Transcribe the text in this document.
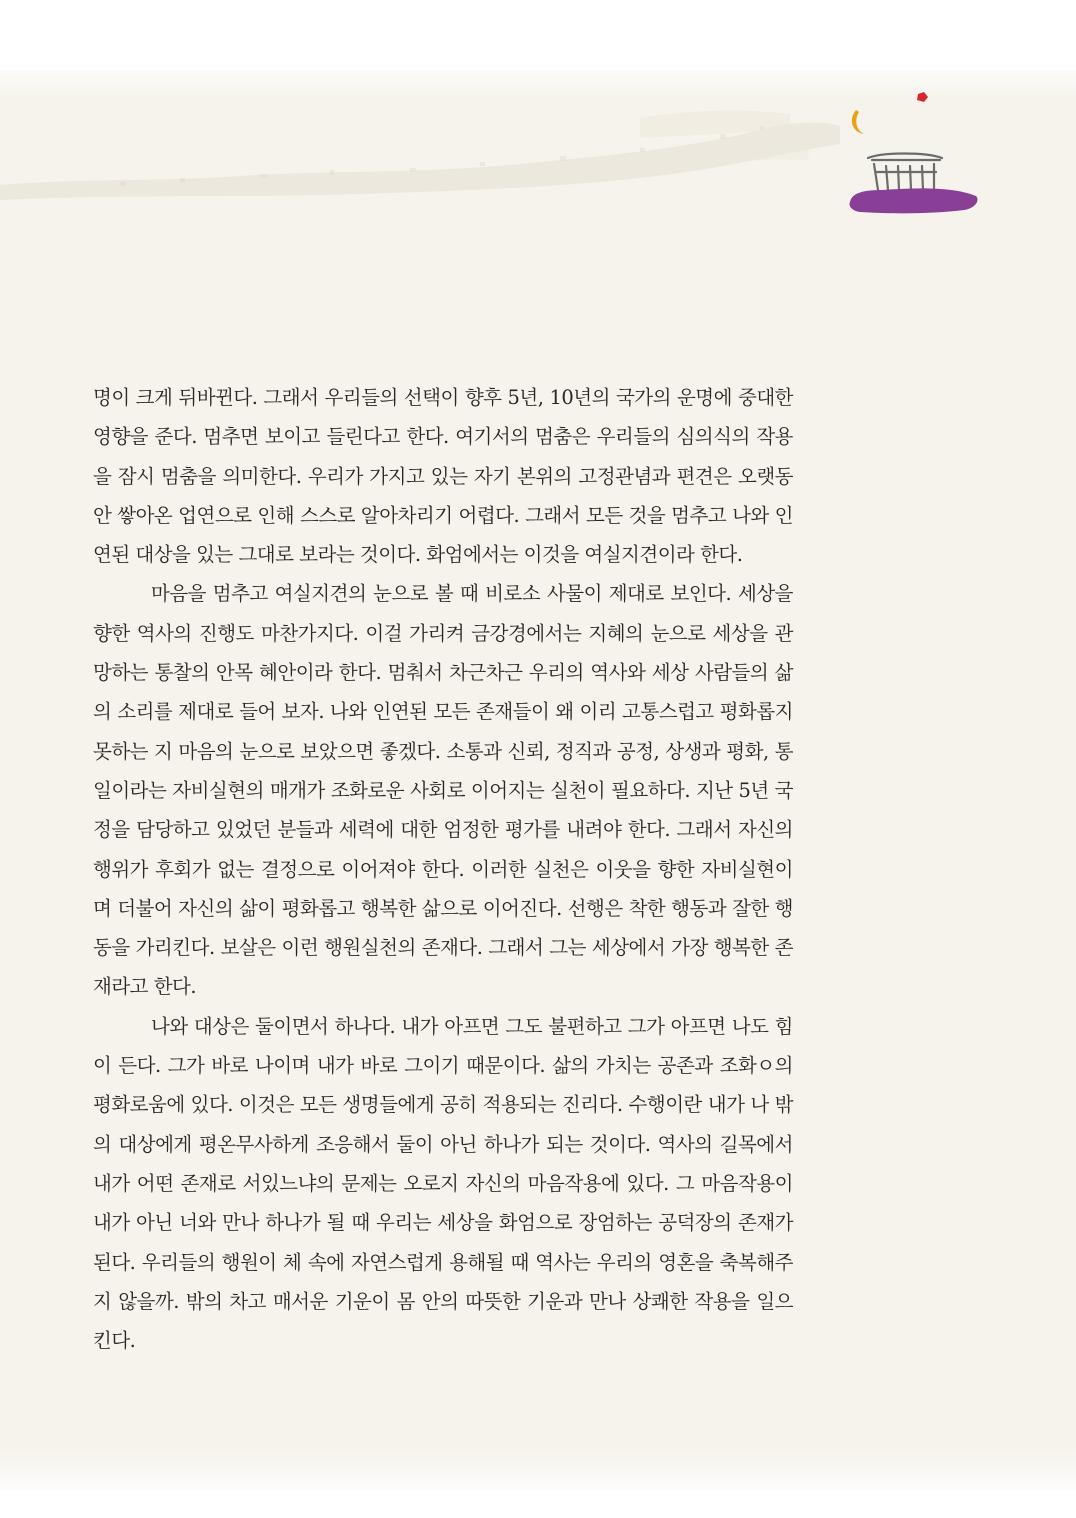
명이 크게 뒤바뀐다. 그래서 우리들의 선택이 향후 5년, 10년의 국가의 운명에 중대한 영향을 준다. 멈추면 보이고 들린다고 한다. 여기서의 멈춤은 우리들의 심의식의 작용을 잠시 멈춤을 의미한다. 우리가 가지고 있는 자기 본위의 고정관념과 편견은 오랫동안 쌓아온 업연으로 인해 스스로 알아차리기 어렵다. 그래서 모든 것을 멈추고 나와 인연된 대상을 있는 그대로 보라는 것이다. 화엄에서는 이것을 여실지견이라 한다.

마음을 멈추고 여실지견의 눈으로 볼 때 비로소 사물이 제대로 보인다. 세상을 향한 역사의 진행도 마찬가지다. 이걸 가리켜 금강경에서는 지혜의 눈으로 세상을 관망하는 통찰의 안목 혜안이라 한다. 멈춰서 차근차근 우리의 역사와 세상 사람들의 삶의 소리를 제대로 들어 보자. 나와 인연된 모든 존재들이 왜 이리 고통스럽고 평화롭지 못하는 지 마음의 눈으로 보았으면 좋겠다. 소통과 신뢰, 정직과 공정, 상생과 평화, 통일이라는 자비실현의 매개가 조화로운 사회로 이어지는 실천이 필요하다. 지난 5년 국정을 담당하고 있었던 분들과 세력에 대한 엄정한 평가를 내려야 한다. 그래서 자신의 행위가 후회가 없는 결정으로 이어져야 한다. 이러한 실천은 이웃을 향한 자비실현이며 더불어 자신의 삶이 평화롭고 행복한 삶으로 이어진다. 선행은 착한 행동과 잘한 행동을 가리킨다. 보살은 이런 행원실천의 존재다. 그래서 그는 세상에서 가장 행복한 존재라고 한다.

나와 대상은 둘이면서 하나다. 내가 아프면 그도 불편하고 그가 아프면 나도 힘이 든다. 그가 바로 나이며 내가 바로 그이기 때문이다. 삶의 가치는 공존과 조화ㅇ의 평화로움에 있다. 이것은 모든 생명들에게 공히 적용되는 진리다. 수행이란 내가 나 밖의 대상에게 평온무사하게 조응해서 둘이 아닌 하나가 되는 것이다. 역사의 길목에서 내가 어떤 존재로 서있느냐의 문제는 오로지 자신의 마음작용에 있다. 그 마음작용이 내가 아닌 너와 만나 하나가 될 때 우리는 세상을 화엄으로 장엄하는 공덕장의 존재가 된다. 우리들의 행원이 체 속에 자연스럽게 용해될 때 역사는 우리의 영혼을 축복해주지 않을까. 밖의 차고 매서운 기운이 몸 안의 따뜻한 기운과 만나 상쾌한 작용을 일으킨다.
